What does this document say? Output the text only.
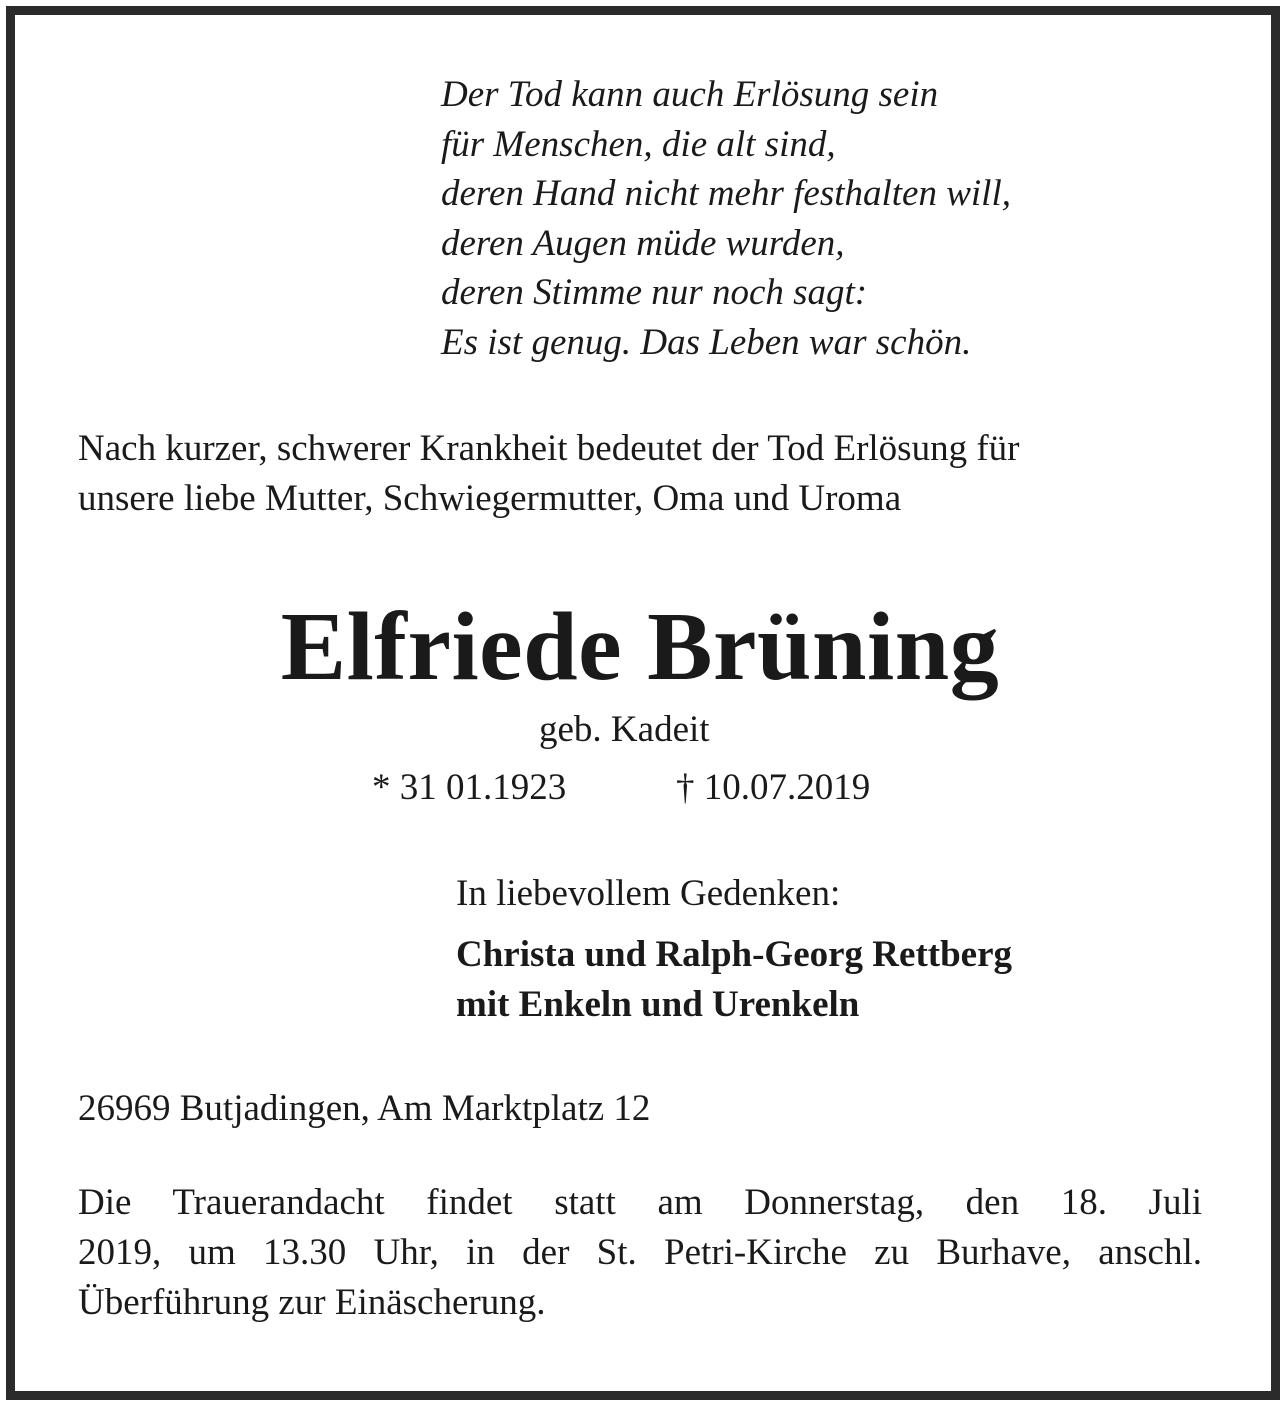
Der Tod kann auch Erlösung sein
für Menschen, die alt sind,
deren Hand nicht mehr festhalten will,
deren Augen müde wurden,
deren Stimme nur noch sagt:
Es ist genug. Das Leben war schön.
Nach kurzer, schwerer Krankheit bedeutet der Tod Erlösung für
unsere liebe Mutter, Schwiegermutter, Oma und Uroma
Elfriede Brüning
geb. Kadeit
* 31 01.1923	† 10.07.2019
In liebevollem Gedenken:
Christa und Ralph-Georg Rettberg
mit Enkeln und Urenkeln
26969 Butjadingen, Am Marktplatz 12
Die Trauerandacht findet statt am Donnerstag, den 18. Juli
2019, um 13.30 Uhr, in der St. Petri-Kirche zu Burhave, anschl.
Überführung zur Einäscherung.
